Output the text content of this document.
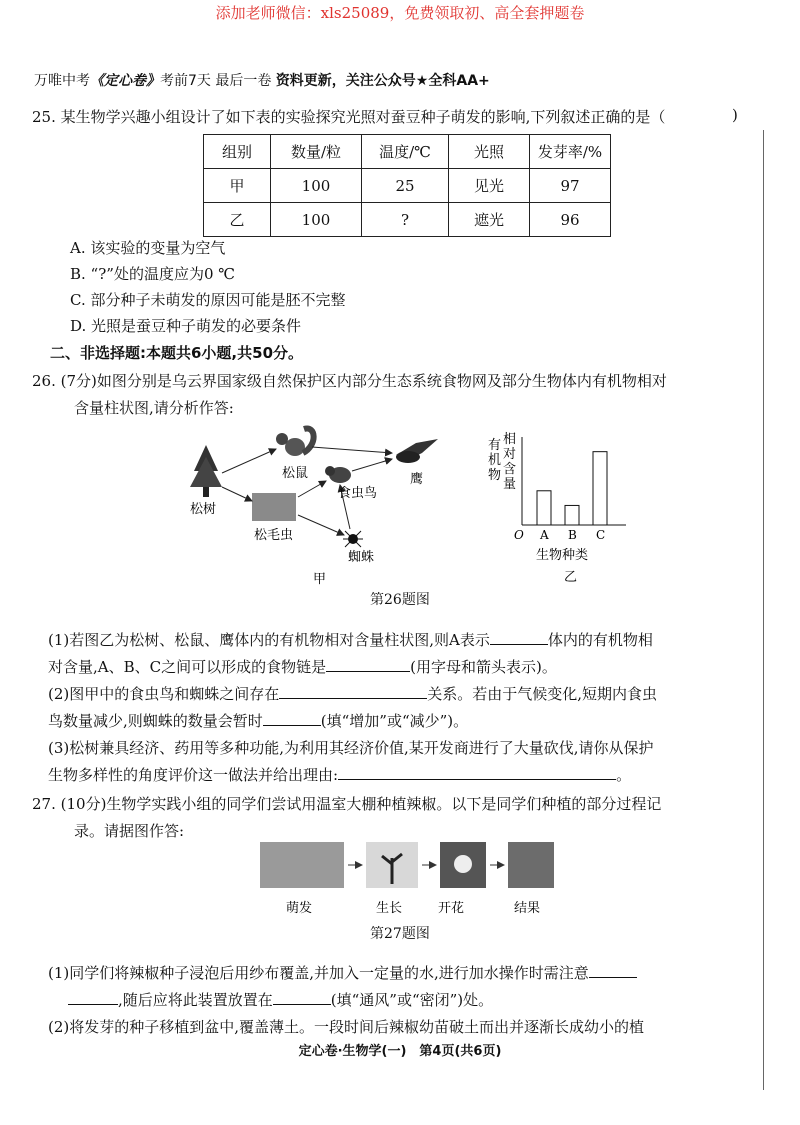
添加老师微信：xls25089，免费领取初、高全套押题卷
万唯中考《定心卷》考前7天 最后一卷 资料更新，关注公众号★全科AA+
25. 某生物学兴趣小组设计了如下表的实验探究光照对蚕豆种子萌发的影响,下列叙述正确的是（	)
组别	数量/粒	温度/℃	光照	发芽率/%
甲	100	25	见光	97
乙	100	?	遮光	96
A. 该实验的变量为空气
B. “?”处的温度应为0 ℃
C. 部分种子未萌发的原因可能是胚不完整
D. 光照是蚕豆种子萌发的必要条件
二、非选择题:本题共6小题,共50分。
26. (7分)如图分别是乌云界国家级自然保护区内部分生态系统食物网及部分生物体内有机物相对
含量柱状图,请分析作答:
松树
松鼠
松毛虫
食虫鸟
鹰
蜘蛛
甲
有
机
物
相
对
含
量
O A B C
生物种类
乙
第26题图
(1)若图乙为松树、松鼠、鹰体内的有机物相对含量柱状图,则A表示	体内的有机物相
对含量,A、B、C之间可以形成的食物链是	(用字母和箭头表示)。
(2)图甲中的食虫鸟和蜘蛛之间存在	关系。若由于气候变化,短期内食虫
鸟数量减少,则蜘蛛的数量会暂时	(填“增加”或“减少”)。
(3)松树兼具经济、药用等多种功能,为利用其经济价值,某开发商进行了大量砍伐,请你从保护
生物多样性的角度评价这一做法并给出理由:	。
27. (10分)生物学实践小组的同学们尝试用温室大棚种植辣椒。以下是同学们种植的部分过程记
录。请据图作答:
萌发	生长	开花	结果
第27题图
(1)同学们将辣椒种子浸泡后用纱布覆盖,并加入一定量的水,进行加水操作时需注意
,随后应将此装置放置在	(填“通风”或“密闭”)处。
(2)将发芽的种子移植到盆中,覆盖薄土。一段时间后辣椒幼苗破土而出并逐渐长成幼小的植
定心卷·生物学(一)　第4页(共6页)
